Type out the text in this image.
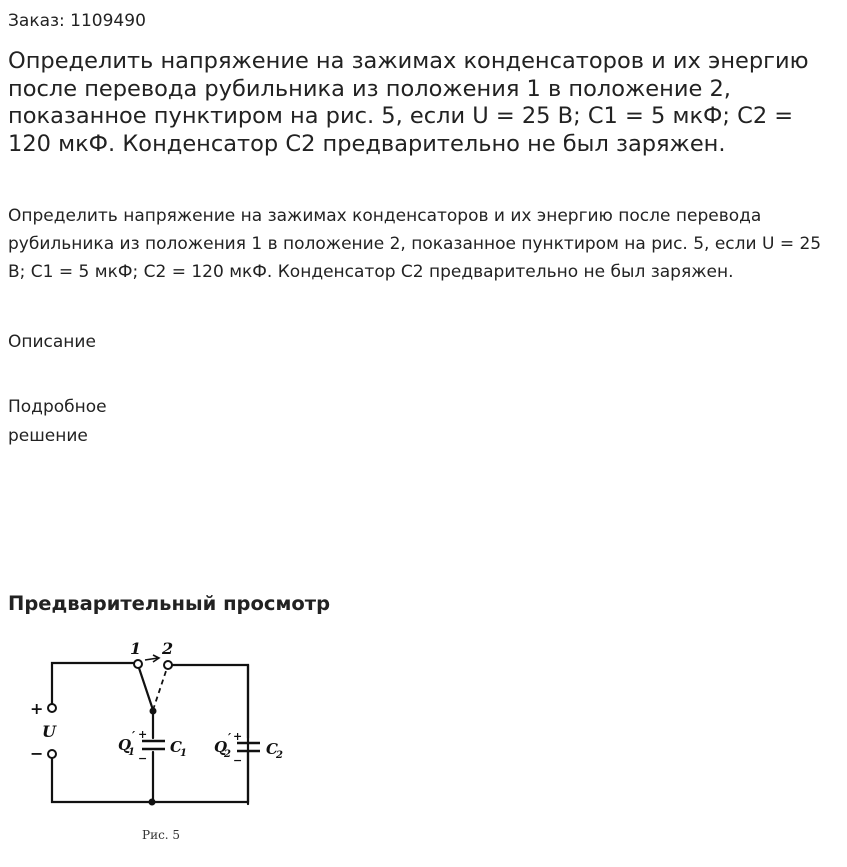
Заказ: 1109490
Определить напряжение на зажимах конденсаторов и их энергию после перевода рубильника из положения 1 в положение 2, показанное пунктиром на рис. 5, если U = 25 В; С1 = 5 мкФ; С2 = 120 мкФ. Конденсатор С2 предварительно не был заряжен.

Определить напряжение на зажимах конденсаторов и их энергию после перевода рубильника из положения 1 в положение 2, показанное пунктиром на рис. 5, если U = 25 В; С1 = 5 мкФ; С2 = 120 мкФ. Конденсатор С2 предварительно не был заряжен.

Описание
Подробное решение
Предварительный просмотр
1 2
+
U
−	Q
1
′ +
−
C
1 Q
2
′ +
−
C
2
Рис. 5
